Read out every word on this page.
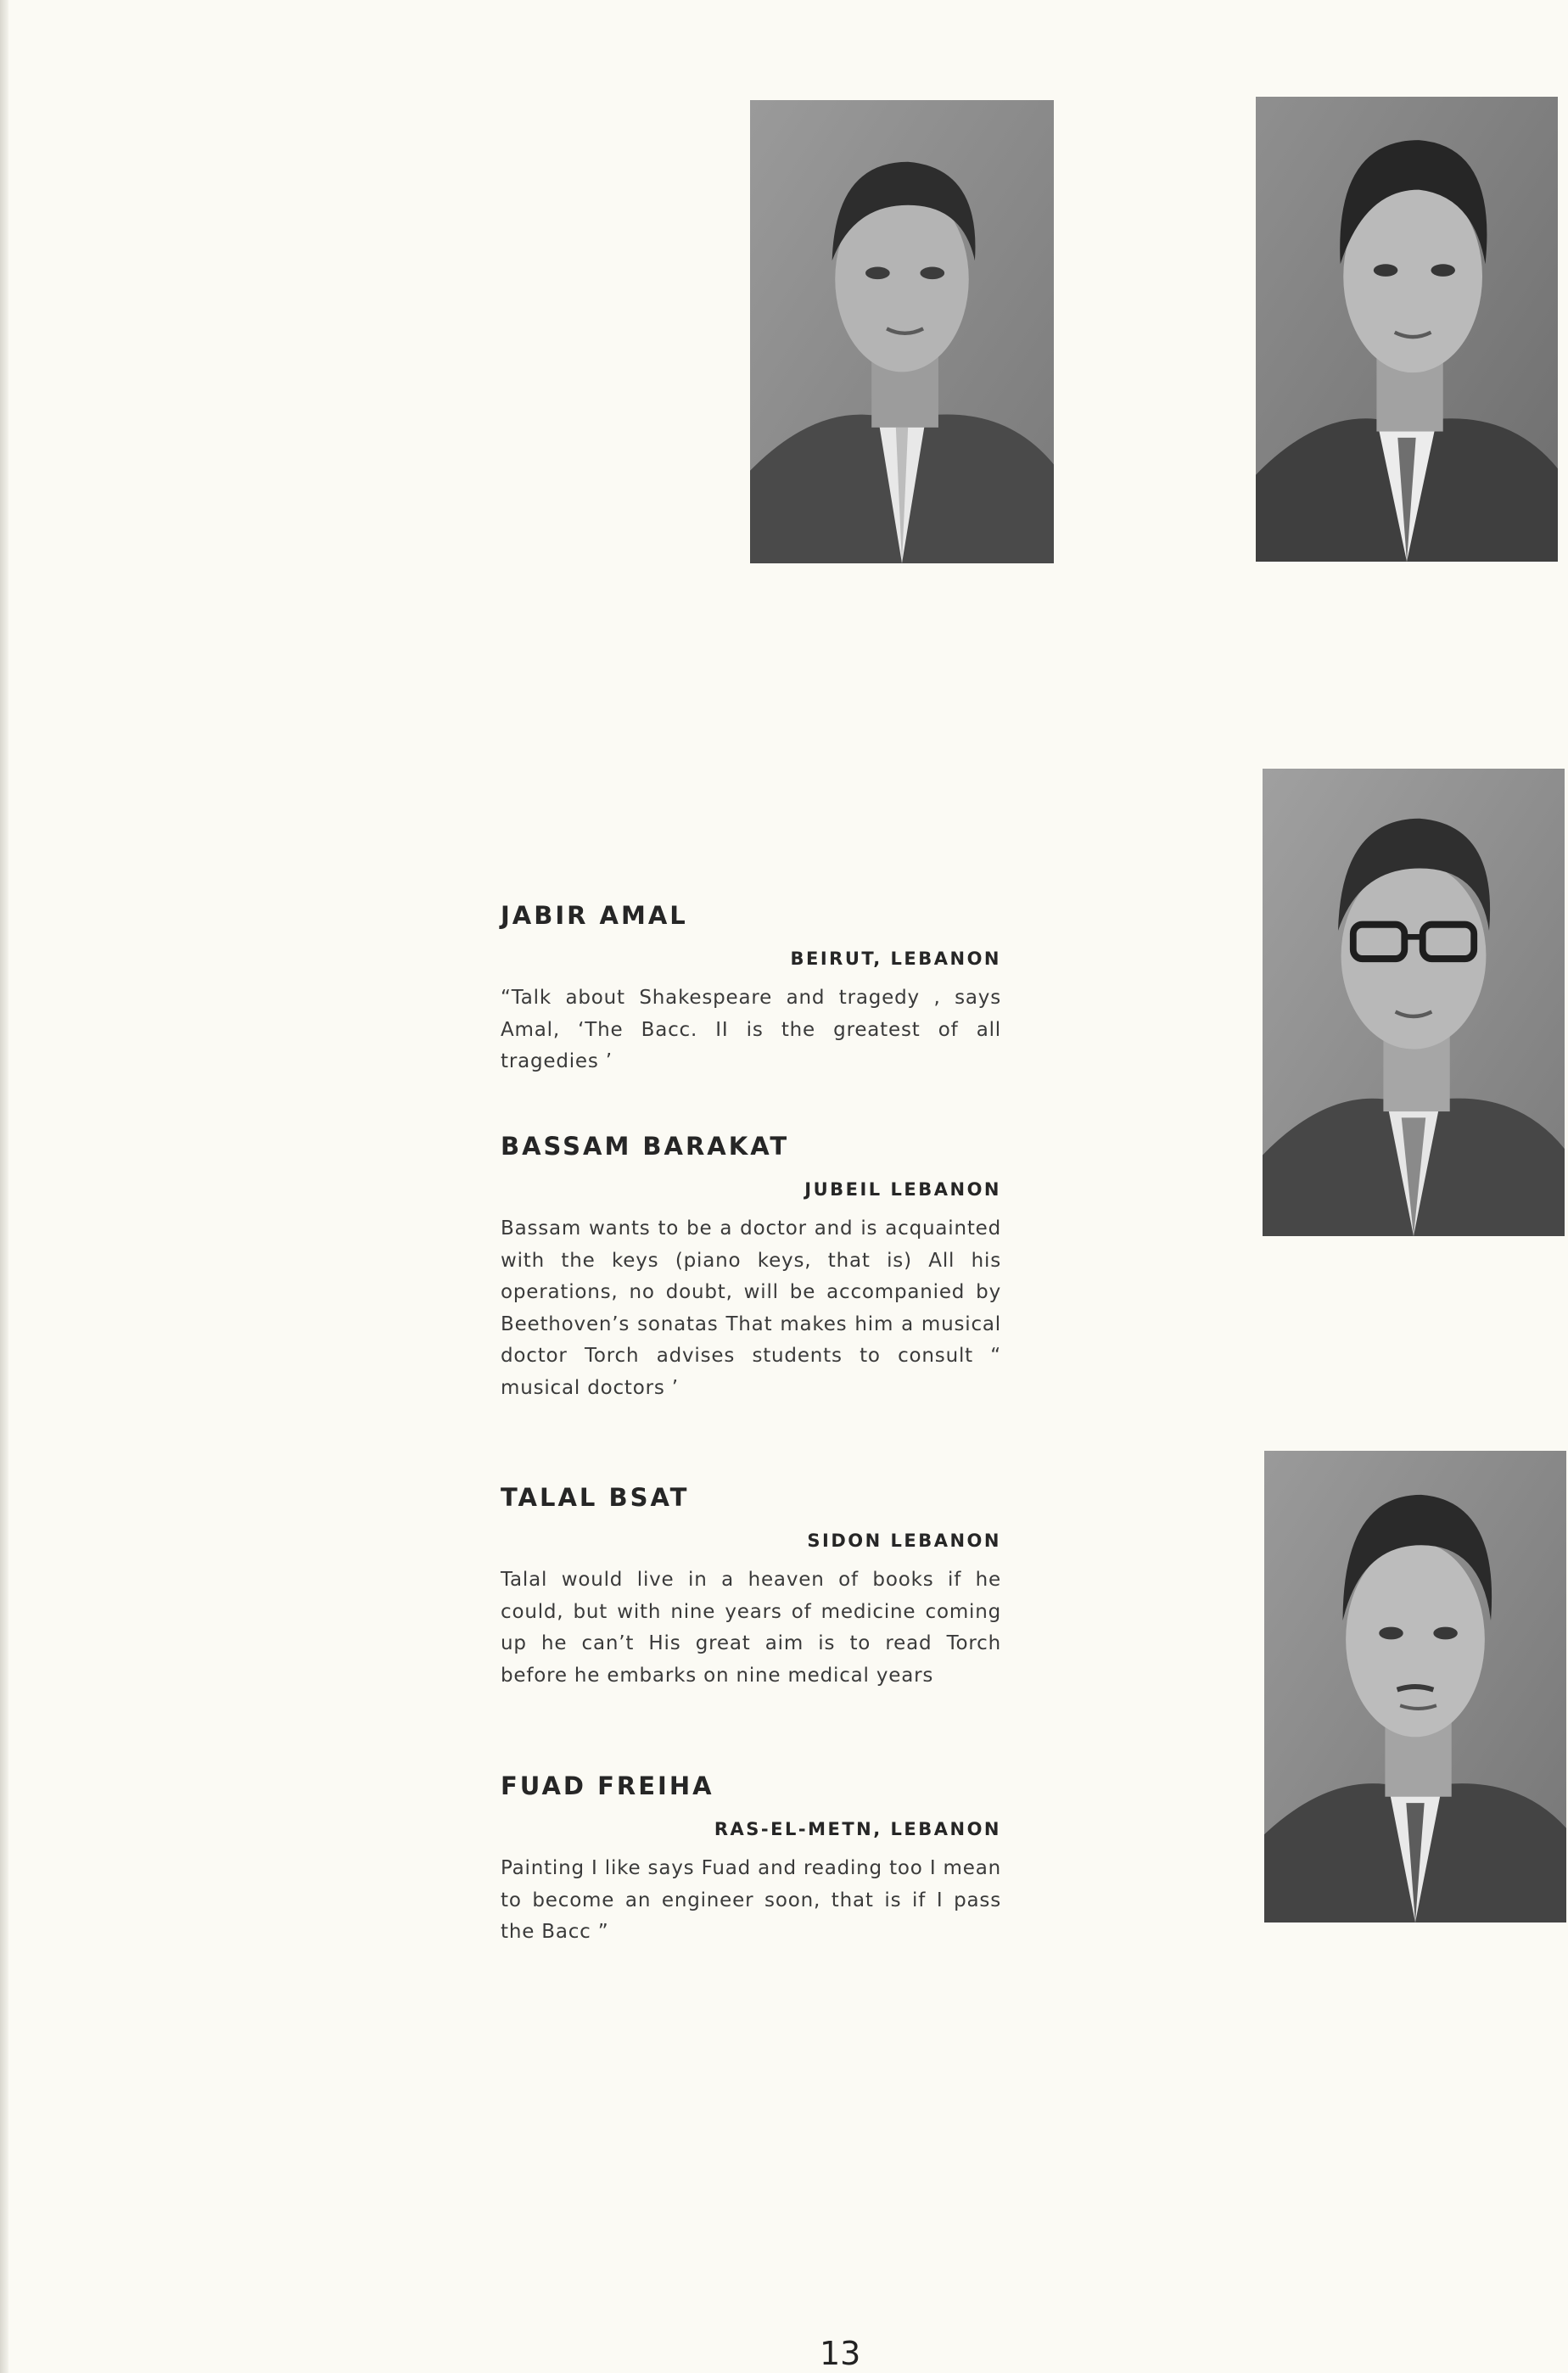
JABIR AMAL
BEIRUT, LEBANON

“Talk about Shakespeare and tragedy , says Amal, ‘The Bacc. II is the greatest of all tragedies ’

BASSAM BARAKAT
JUBEIL LEBANON

Bassam wants to be a doctor and is acquainted with the keys (piano keys, that is) All his operations, no doubt, will be accompanied by Beethoven’s sonatas That makes him a musical doctor Torch advises students to consult “ musical doctors ’

TALAL BSAT
SIDON LEBANON

Talal would live in a heaven of books if he could, but with nine years of medicine coming up he can’t His great aim is to read Torch before he embarks on nine medical years

FUAD FREIHA
RAS-EL-METN, LEBANON

Painting I like says Fuad and reading too I mean to become an engineer soon, that is if I pass the Bacc ”

13
